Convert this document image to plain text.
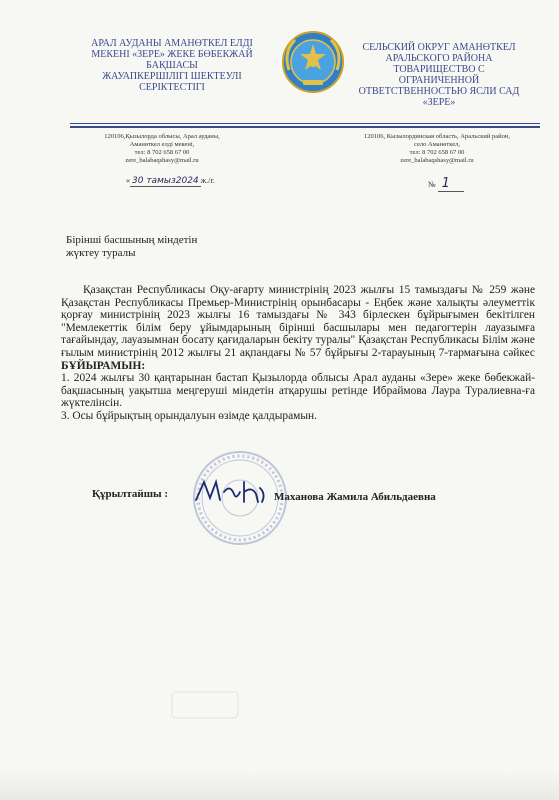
АРАЛ АУДАНЫ АМАНӨТКЕЛ ЕЛДІ
МЕКЕНІ «ЗЕРЕ» ЖЕКЕ БӨБЕКЖАЙ
БАҚШАСЫ
ЖАУАПКЕРШІЛІГІ ШЕКТЕУЛІ
СЕРІКТЕСТІГІ
СЕЛЬСКИЙ ОКРУГ АМАНӨТКЕЛ
АРАЛЬСКОГО РАЙОНА
ТОВАРИЩЕСТВО С
ОГРАНИЧЕННОЙ
ОТВЕТСТВЕННОСТЬЮ ЯСЛИ САД
«ЗЕРЕ»
120106,Қызылорда облысы, Арал ауданы,
Аманөткел елді мекені,
тел: 8 702 658 67 00
zere_balabaqshasy@mail.ru
120106, Кызылординская область, Аральский район,
село Аманөткел,
тел: 8 702 658 67 00
zere_balabaqshasy@mail.ru
« 30 тамыз2024 ж./г.	№ 1
Бірінші басшының міндетін
жүктеу туралы

Қазақстан Республикасы Оқу-ағарту министрінің 2023 жылғы 15 тамыздағы № 259 және Қазақстан Республикасы Премьер-Министрінің орынбасары - Еңбек және халықты әлеуметтік қорғау министрінің 2023 жылғы 16 тамыздағы № 343 бірлескен бұйрығымен бекітілген "Мемлекеттік білім беру ұйымдарының бірінші басшылары мен педагогтерін лауазымға тағайындау, лауазымнан босату қағидаларын бекіту туралы" Қазақстан Республикасы Білім және ғылым министрінің 2012 жылғы 21 ақпандағы № 57 бұйрығы 2-тарауының 7-тармағына сәйкес БҰЙЫРАМЫН:

1. 2024 жылғы 30 қаңтарынан бастап Қызылорда облысы Арал ауданы «Зере» жеке бөбекжай- бақшасының уақытша меңгеруші міндетін атқарушы ретінде Ибраймова Лаура Туралиевна-ға жүктелінсін.

3. Осы бұйрықтың орындалуын өзімде қалдырамын.

Құрылтайшы :	Маханова Жамила Абильдаевна
